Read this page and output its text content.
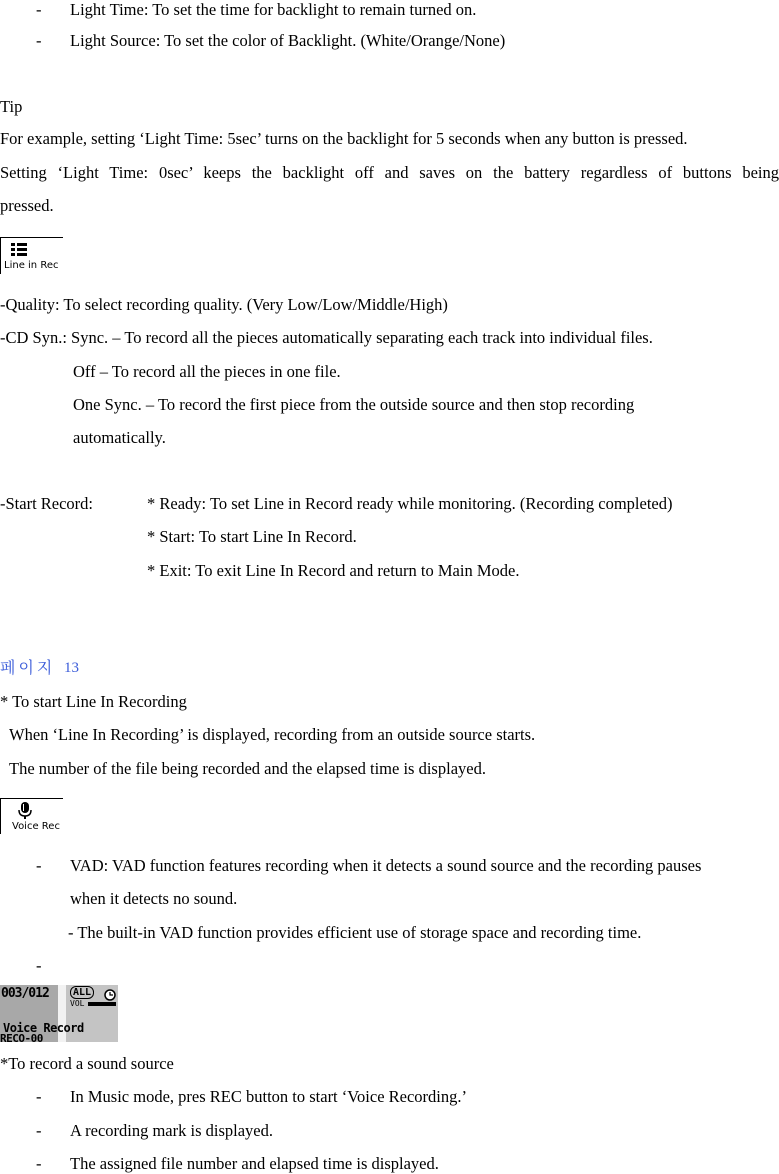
- Light Time: To set the time for backlight to remain turned on.
- Light Source: To set the color of Backlight. (White/Orange/None)
Tip
For example, setting ‘Light Time: 5sec’ turns on the backlight for 5 seconds when any button is pressed.
Setting ‘Light Time: 0sec’ keeps the backlight off and saves on the battery regardless of buttons being
pressed.
Line in Rec
-Quality: To select recording quality. (Very Low/Low/Middle/High)
-CD Syn.: Sync. – To record all the pieces automatically separating each track into individual files.
Off – To record all the pieces in one file.
One Sync. – To record the first piece from the outside source and then stop recording
automatically.
-Start Record:	* Ready: To set Line in Record ready while monitoring. (Recording completed)
* Start: To start Line In Record.
* Exit: To exit Line In Record and return to Main Mode.
페이지 13
* To start Line In Recording
When ‘Line In Recording’ is displayed, recording from an outside source starts.
The number of the file being recorded and the elapsed time is displayed.
Voice Rec
- VAD: VAD function features recording when it detects a sound source and the recording pauses
when it detects no sound.
- The built-in VAD function provides efficient use of storage space and recording time.
-
003/012	ALL
VOL
Voice Record
RECO-00
*To record a sound source
- In Music mode, pres REC button to start ‘Voice Recording.’
- A recording mark is displayed.
- The assigned file number and elapsed time is displayed.
